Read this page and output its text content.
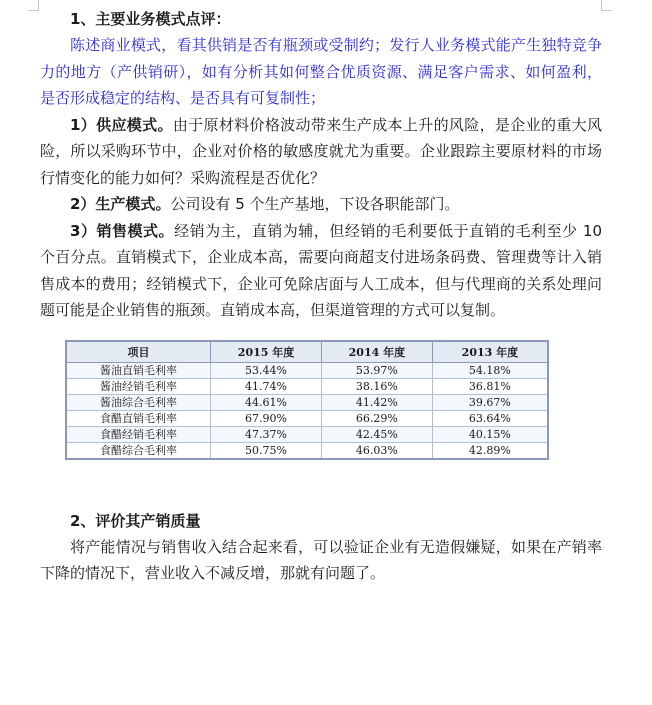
1、主要业务模式点评：

陈述商业模式，看其供销是否有瓶颈或受制约；发行人业务模式能产生独特竞争力的地方（产供销研），如有分析其如何整合优质资源、满足客户需求、如何盈利，是否形成稳定的结构、是否具有可复制性；

1）供应模式。由于原材料价格波动带来生产成本上升的风险，是企业的重大风险，所以采购环节中，企业对价格的敏感度就尤为重要。企业跟踪主要原材料的市场行情变化的能力如何？采购流程是否优化？

2）生产模式。公司设有 5 个生产基地，下设各职能部门。

3）销售模式。经销为主，直销为辅，但经销的毛利要低于直销的毛利至少 10 个百分点。直销模式下，企业成本高，需要向商超支付进场条码费、管理费等计入销售成本的费用；经销模式下，企业可免除店面与人工成本，但与代理商的关系处理问题可能是企业销售的瓶颈。直销成本高，但渠道管理的方式可以复制。

项目	2015 年度	2014 年度	2013 年度
酱油直销毛利率	53.44%	53.97%	54.18%
酱油经销毛利率	41.74%	38.16%	36.81%
酱油综合毛利率	44.61%	41.42%	39.67%
食醋直销毛利率	67.90%	66.29%	63.64%
食醋经销毛利率	47.37%	42.45%	40.15%
食醋综合毛利率	50.75%	46.03%	42.89%

2、评价其产销质量

将产能情况与销售收入结合起来看，可以验证企业有无造假嫌疑，如果在产销率下降的情况下，营业收入不减反增，那就有问题了。
